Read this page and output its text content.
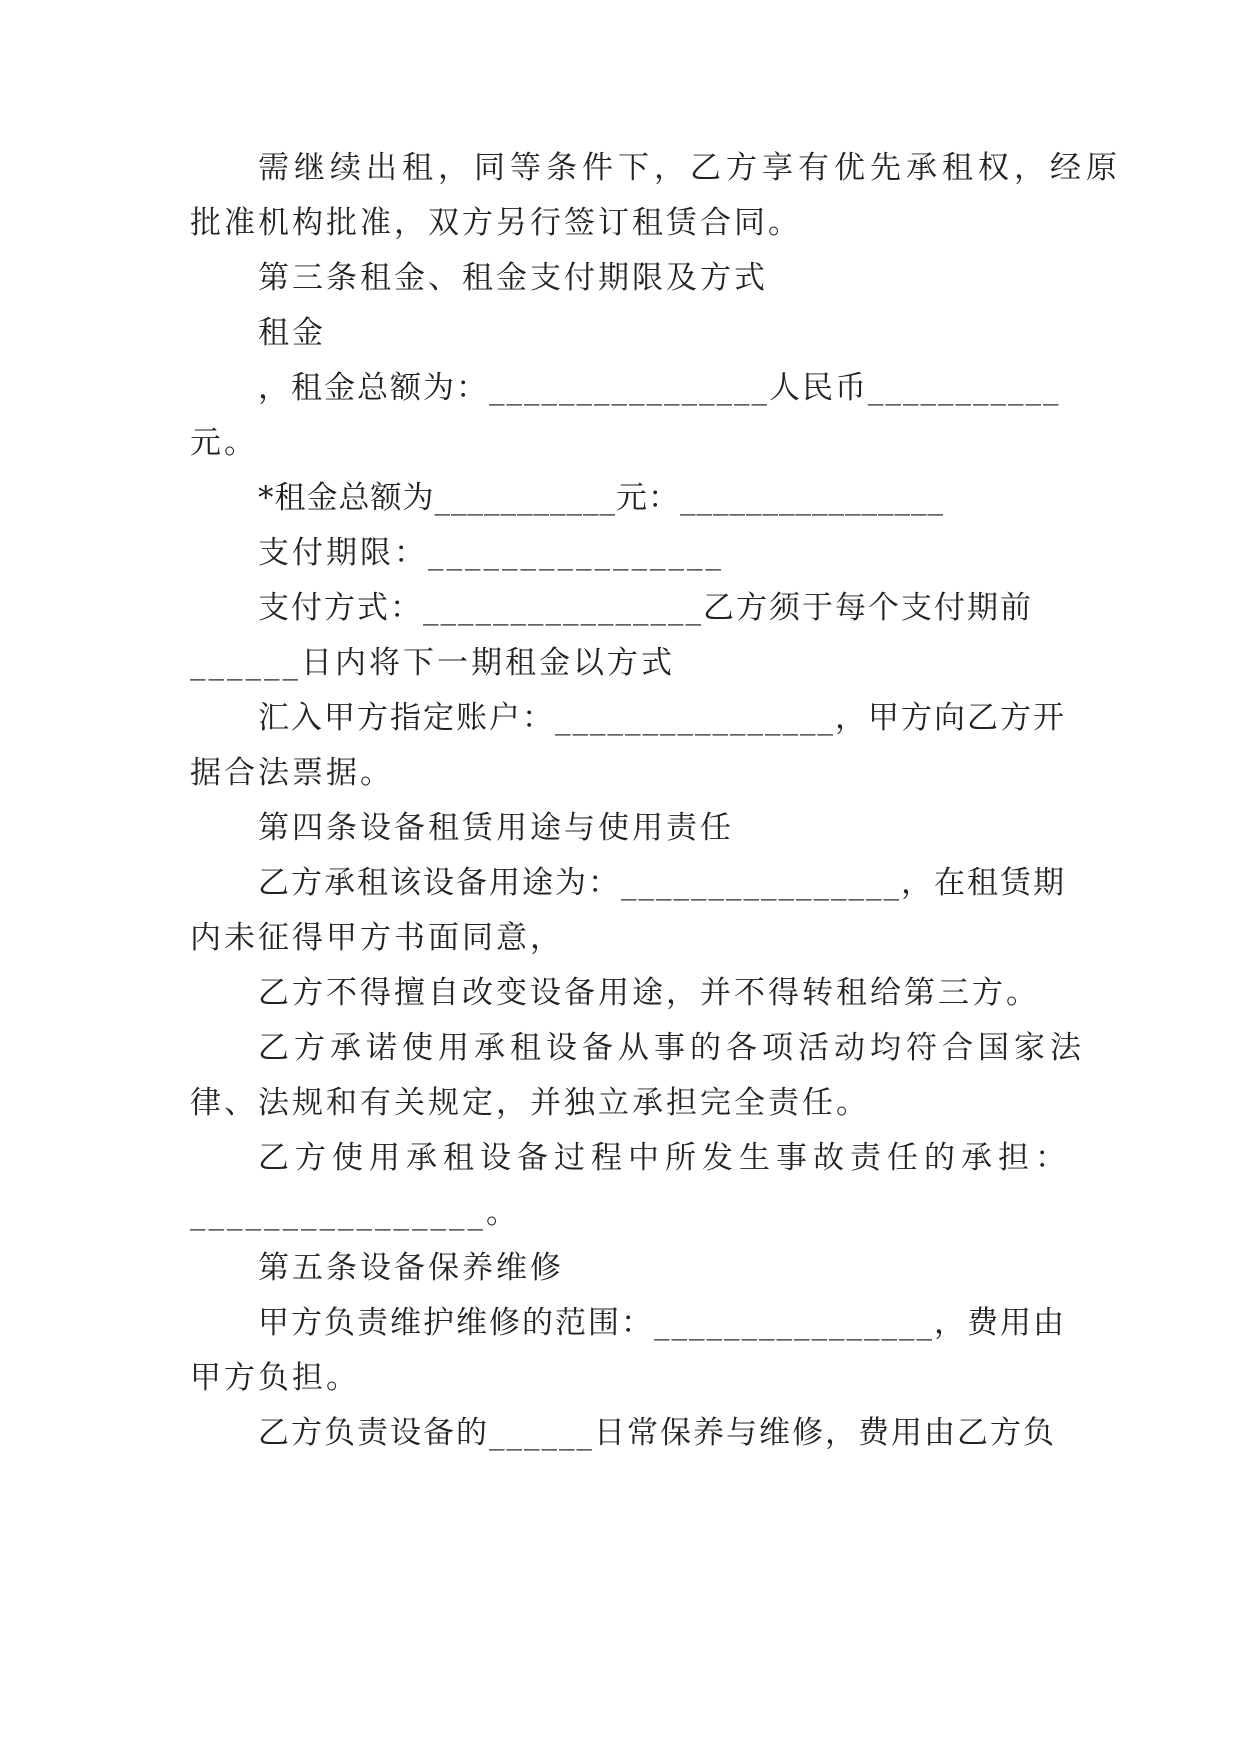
需继续出租，同等条件下，乙方享有优先承租权，经原
批准机构批准，双方另行签订租赁合同。
第三条租金、租金支付期限及方式
租金
，租金总额为：________________人民币___________
元。
*租金总额为___________元：________________
支付期限：________________
支付方式：________________乙方须于每个支付期前
______日内将下一期租金以方式
汇入甲方指定账户：________________，甲方向乙方开
据合法票据。
第四条设备租赁用途与使用责任
乙方承租该设备用途为：________________，在租赁期
内未征得甲方书面同意，
乙方不得擅自改变设备用途，并不得转租给第三方。
乙方承诺使用承租设备从事的各项活动均符合国家法
律、法规和有关规定，并独立承担完全责任。
乙方使用承租设备过程中所发生事故责任的承担：
________________。
第五条设备保养维修
甲方负责维护维修的范围：________________，费用由
甲方负担。
乙方负责设备的______日常保养与维修，费用由乙方负
